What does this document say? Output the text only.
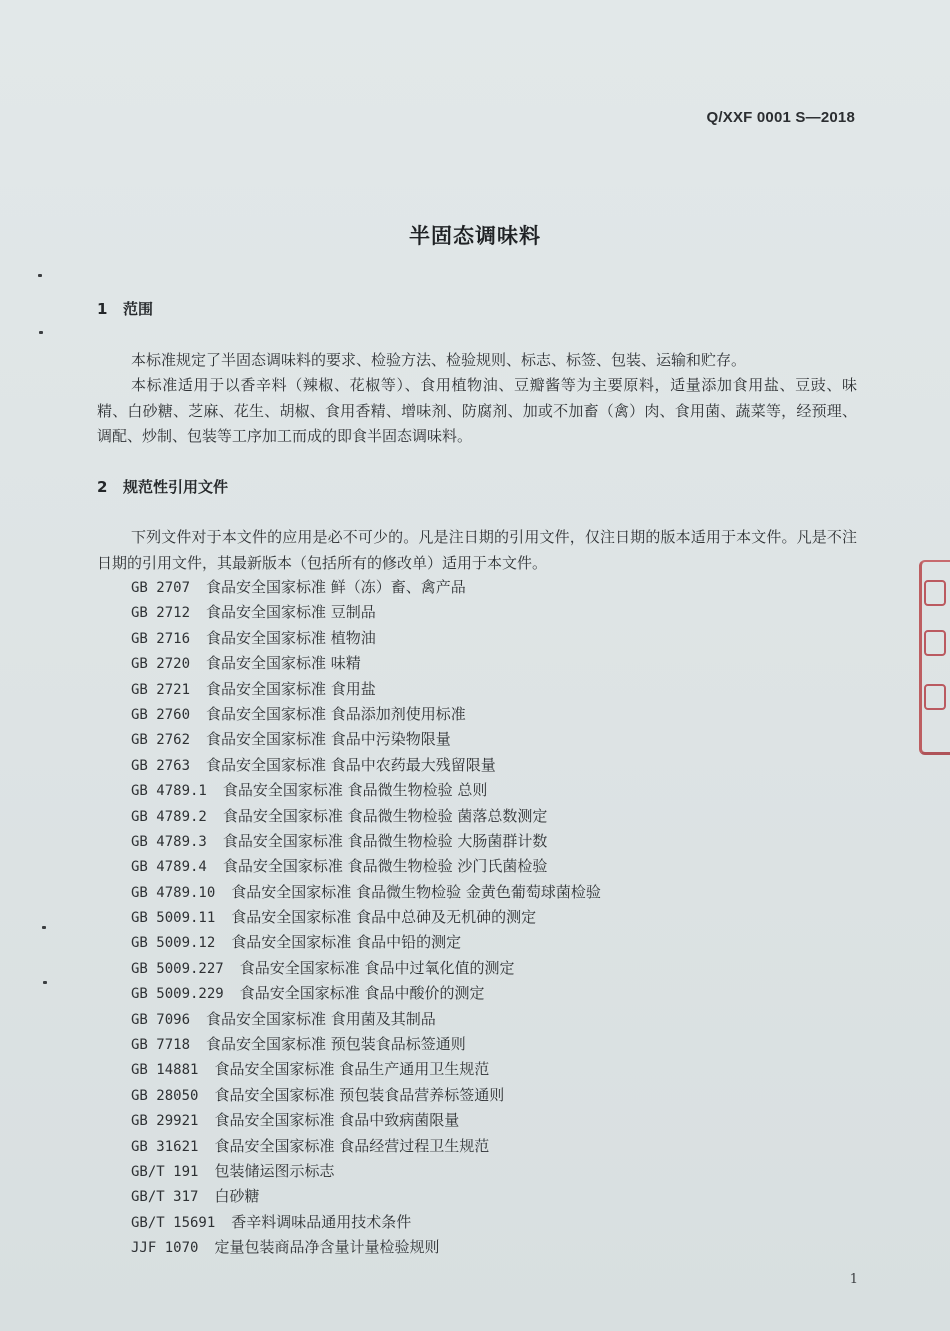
Q/XXF 0001 S—2018
半固态调味料
1 范围
本标准规定了半固态调味料的要求、检验方法、检验规则、标志、标签、包装、运输和贮存。
本标准适用于以香辛料（辣椒、花椒等）、食用植物油、豆瓣酱等为主要原料，适量添加食用盐、豆豉、味精、白砂糖、芝麻、花生、胡椒、食用香精、增味剂、防腐剂、加或不加畜（禽）肉、食用菌、蔬菜等，经预理、调配、炒制、包装等工序加工而成的即食半固态调味料。
2 规范性引用文件
下列文件对于本文件的应用是必不可少的。凡是注日期的引用文件，仅注日期的版本适用于本文件。凡是不注日期的引用文件，其最新版本（包括所有的修改单）适用于本文件。
GB 2707 食品安全国家标准 鲜（冻）畜、禽产品
GB 2712 食品安全国家标准 豆制品
GB 2716 食品安全国家标准 植物油
GB 2720 食品安全国家标准 味精
GB 2721 食品安全国家标准 食用盐
GB 2760 食品安全国家标准 食品添加剂使用标准
GB 2762 食品安全国家标准 食品中污染物限量
GB 2763 食品安全国家标准 食品中农药最大残留限量
GB 4789.1 食品安全国家标准 食品微生物检验 总则
GB 4789.2 食品安全国家标准 食品微生物检验 菌落总数测定
GB 4789.3 食品安全国家标准 食品微生物检验 大肠菌群计数
GB 4789.4 食品安全国家标准 食品微生物检验 沙门氏菌检验
GB 4789.10 食品安全国家标准 食品微生物检验 金黄色葡萄球菌检验
GB 5009.11 食品安全国家标准 食品中总砷及无机砷的测定
GB 5009.12 食品安全国家标准 食品中铅的测定
GB 5009.227 食品安全国家标准 食品中过氧化值的测定
GB 5009.229 食品安全国家标准 食品中酸价的测定
GB 7096 食品安全国家标准 食用菌及其制品
GB 7718 食品安全国家标准 预包装食品标签通则
GB 14881 食品安全国家标准 食品生产通用卫生规范
GB 28050 食品安全国家标准 预包装食品营养标签通则
GB 29921 食品安全国家标准 食品中致病菌限量
GB 31621 食品安全国家标准 食品经营过程卫生规范
GB/T 191 包装储运图示标志
GB/T 317 白砂糖
GB/T 15691 香辛料调味品通用技术条件
JJF 1070 定量包装商品净含量计量检验规则
1
